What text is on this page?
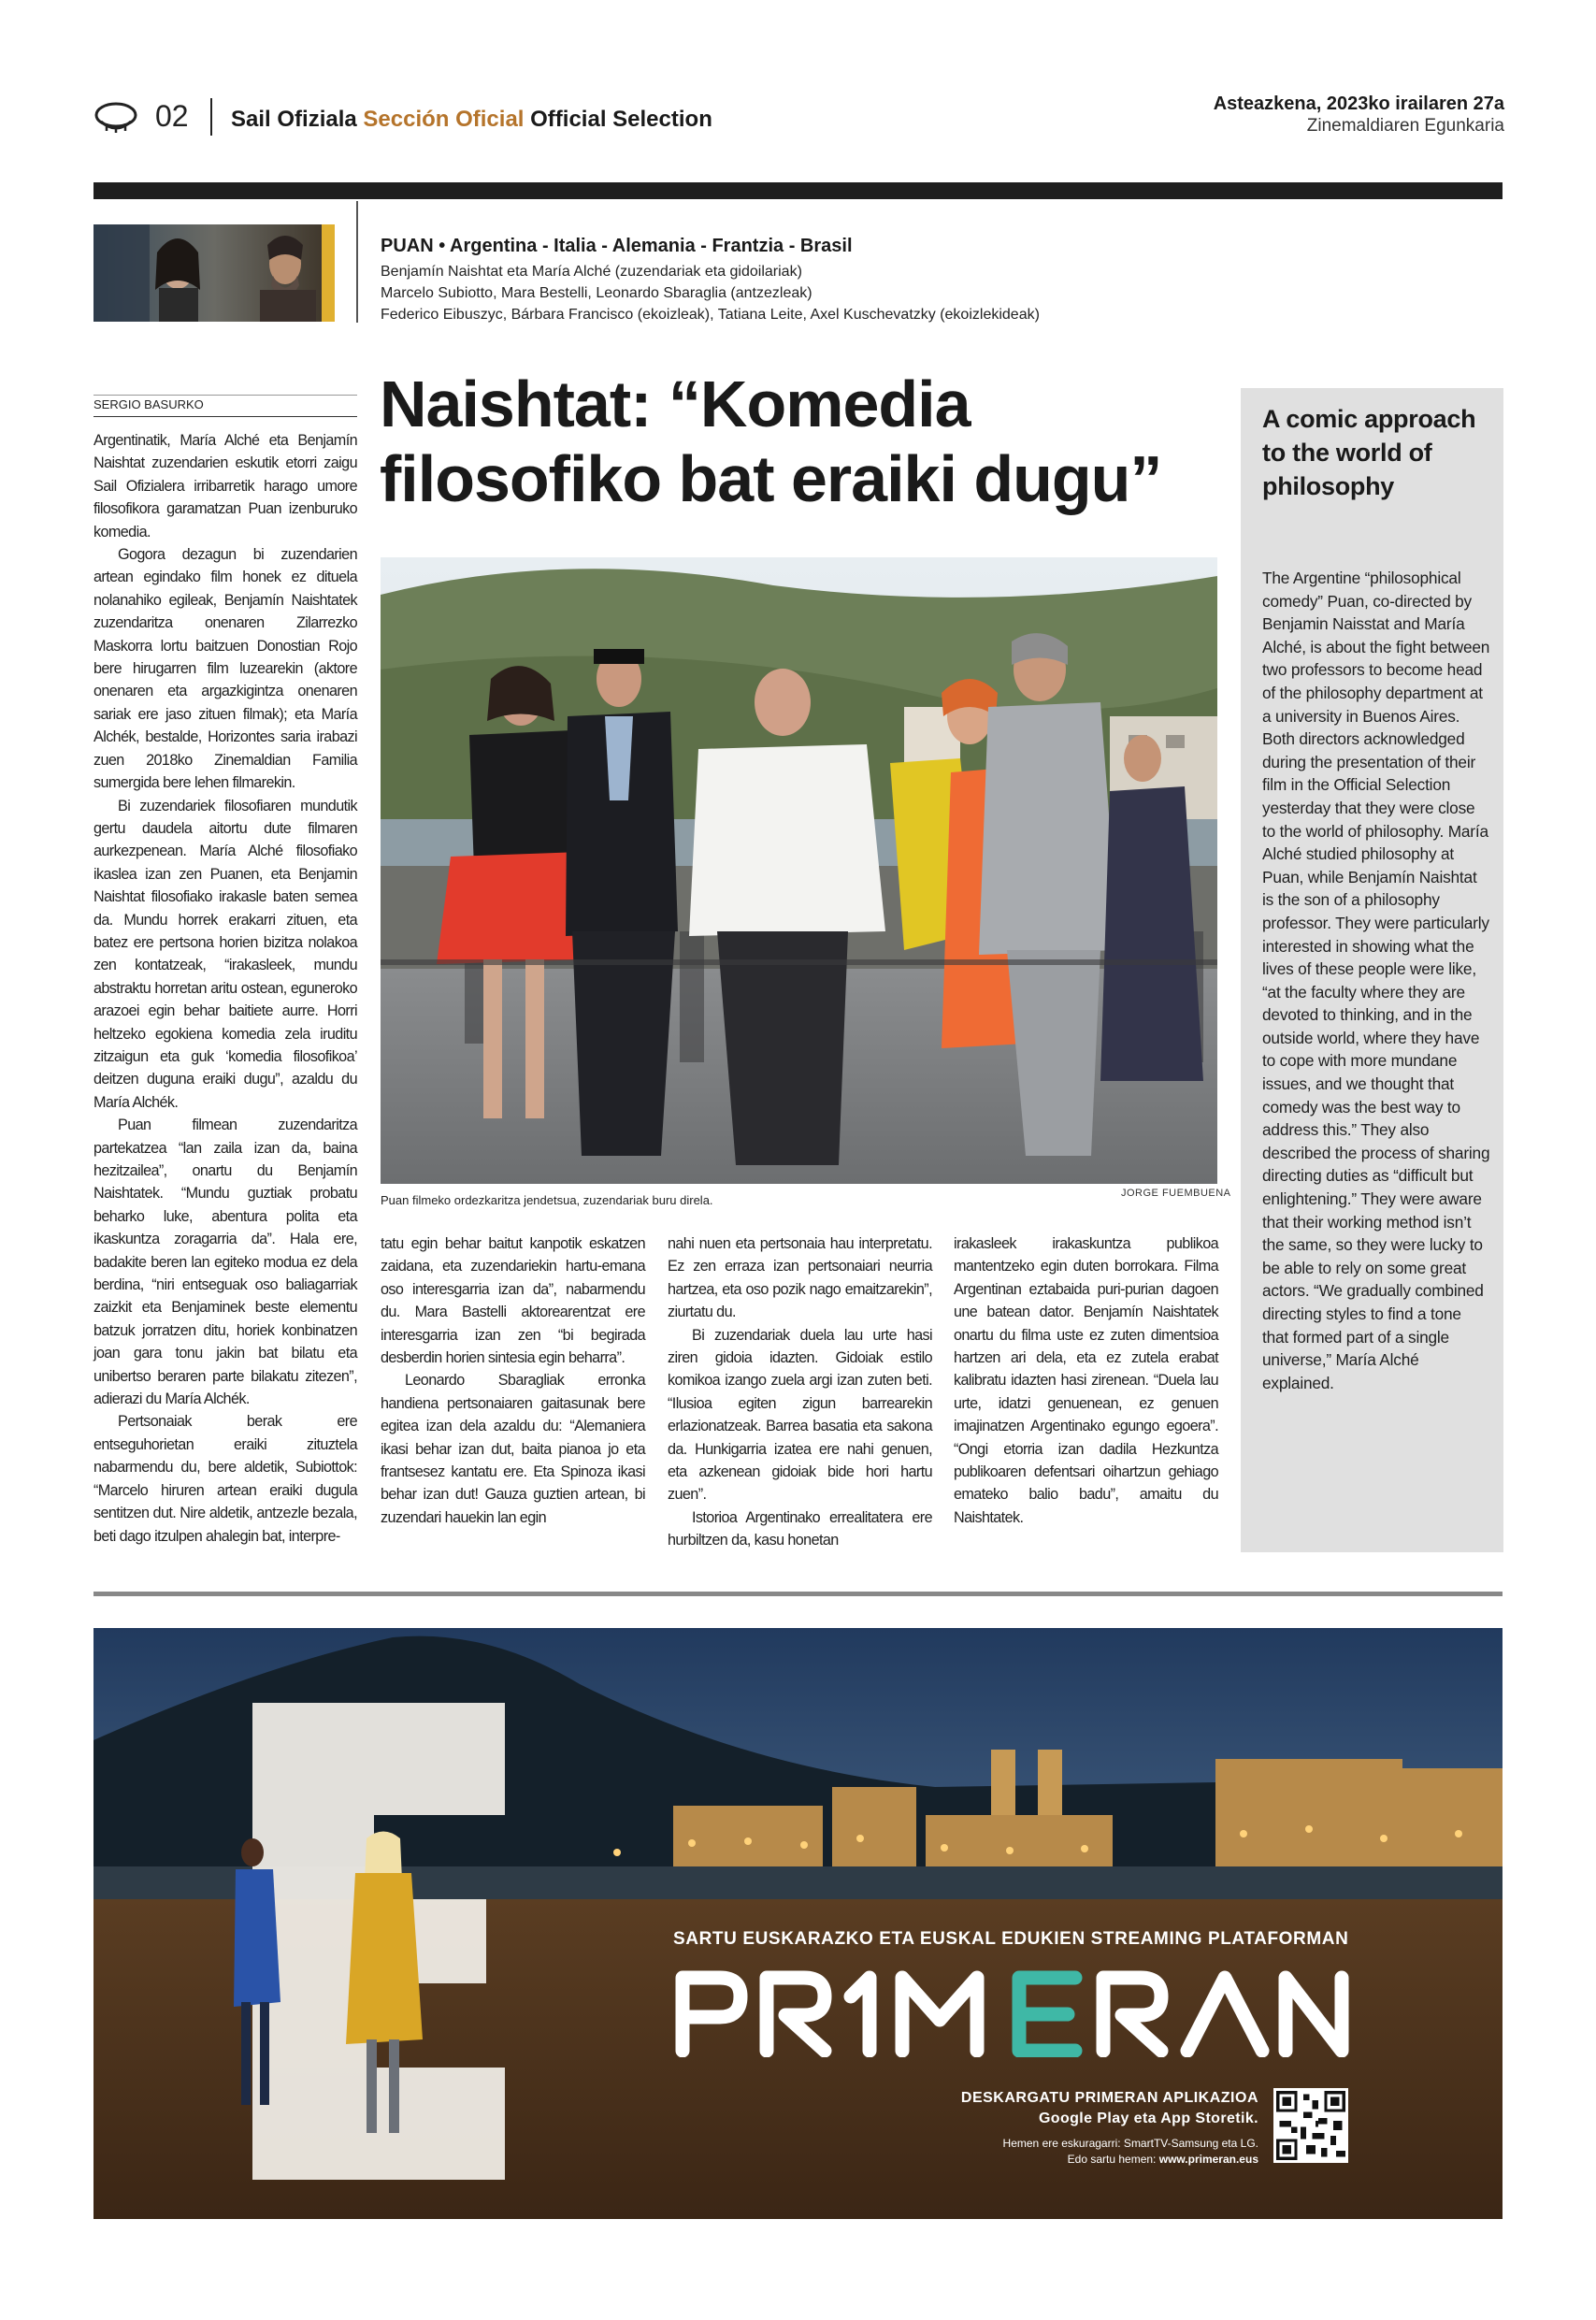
02 Sail Ofiziala Sección Oficial Official Selection
Asteazkena, 2023ko irailaren 27a
Zinemaldiaren Egunkaria
PUAN • Argentina - Italia - Alemania - Frantzia - Brasil
Benjamín Naishtat eta María Alché (zuzendariak eta gidoilariak)
Marcelo Subiotto, Mara Bestelli, Leonardo Sbaraglia (antzezleak)
Federico Eibuszyc, Bárbara Francisco (ekoizleak), Tatiana Leite, Axel Kuschevatzky (ekoizlekideak)
SERGIO BASURKO	Naishtat: “Komedia filosofiko bat eraiki dugu”

Argentinatik, María Alché eta Benjamín Naishtat zuzendarien eskutik etorri zaigu Sail Ofizialera irribarretik harago umore filosofikora garamatzan Puan izenburuko komedia.

Gogora dezagun bi zuzendarien artean egindako film honek ez dituela nolanahiko egileak, Benjamín Naishtatek zuzendaritza onenaren Zilarrezko Maskorra lortu baitzuen Donostian Rojo bere hirugarren film luzearekin (aktore onenaren eta argazkigintza onenaren sariak ere jaso zituen filmak); eta María Alchék, bestalde, Horizontes saria irabazi zuen 2018ko Zinemaldian Familia sumergida bere lehen filmarekin.

Bi zuzendariek filosofiaren mundutik gertu daudela aitortu dute filmaren aurkezpenean. María Alché filosofiako ikaslea izan zen Puanen, eta Benjamin Naishtat filosofiako irakasle baten semea da. Mundu horrek erakarri zituen, eta batez ere pertsona horien bizitza nolakoa zen kontatzeak, “irakasleek, mundu abstraktu horretan aritu ostean, eguneroko arazoei egin behar baitiete aurre. Horri heltzeko egokiena komedia zela iruditu zitzaigun eta guk ‘komedia filosofikoa’ deitzen duguna eraiki dugu”, azaldu du María Alchék.

Puan filmean zuzendaritza partekatzea “lan zaila izan da, baina hezitzailea”, onartu du Benjamín Naishtatek. “Mundu guztiak probatu beharko luke, abentura polita eta ikaskuntza zoragarria da”. Hala ere, badakite beren lan egiteko modua ez dela berdina, “niri entseguak oso baliagarriak zaizkit eta Benjaminek beste elementu batzuk jorratzen ditu, horiek konbinatzen joan gara tonu jakin bat bilatu eta unibertso beraren parte bilakatu zitezen”, adierazi du María Alchék.

Pertsonaiak berak ere entseguhorietan eraiki zituztela nabarmendu du, bere aldetik, Subiottok: “Marcelo hiruren artean eraiki dugula sentitzen dut. Nire aldetik, antzezle bezala, beti dago itzulpen ahalegin bat, interpre-

tatu egin behar baitut kanpotik eskatzen zaidana, eta zuzendariekin hartu-emana oso interesgarria izan da”, nabarmendu du. Mara Bastelli aktorearentzat ere interesgarria izan zen “bi begirada desberdin horien sintesia egin beharra”.

Leonardo Sbaragliak erronka handiena pertsonaiaren gaitasunak bere egitea izan dela azaldu du: “Alemaniera ikasi behar izan dut, baita pianoa jo eta frantsesez kantatu ere. Eta Spinoza ikasi behar izan dut! Gauza guztien artean, bi zuzendari hauekin lan egin

nahi nuen eta pertsonaia hau interpretatu. Ez zen erraza izan pertsonaiari neurria hartzea, eta oso pozik nago emaitzarekin”, ziurtatu du.

Bi zuzendariak duela lau urte hasi ziren gidoia idazten. Gidoiak estilo komikoa izango zuela argi izan zuten beti. “Ilusioa egiten zigun barrearekin erlazionatzeak. Barrea basatia eta sakona da. Hunkigarria izatea ere nahi genuen, eta azkenean gidoiak bide hori hartu zuen”.

Istorioa Argentinako errealitatera ere hurbiltzen da, kasu honetan

irakasleek irakaskuntza publikoa mantentzeko egin duten borrokara. Filma Argentinan eztabaida puri-purian dagoen une batean dator. Benjamín Naishtatek onartu du filma uste ez zuten dimentsioa hartzen ari dela, eta ez zutela erabat kalibratu idazten hasi zirenean. “Duela lau urte, idatzi genuenean, ez genuen imajinatzen Argentinako egungo egoera”. “Ongi etorria izan dadila Hezkuntza publikoaren defentsari oihartzun gehiago emateko balio badu”, amaitu du Naishtatek.

Puan filmeko ordezkaritza jendetsua, zuzendariak buru direla.	JORGE FUEMBUENA
A comic approach to the world of philosophy
The Argentine “philosophical comedy” Puan, co-directed by Benjamin Naisstat and María Alché, is about the fight between two professors to become head of the philosophy department at a university in Buenos Aires. Both directors acknowledged during the presentation of their film in the Official Selection yesterday that they were close to the world of philosophy. María Alché studied philosophy at Puan, while Benjamín Naishtat is the son of a philosophy professor. They were particularly interested in showing what the lives of these people were like, “at the faculty where they are devoted to thinking, and in the outside world, where they have to cope with more mundane issues, and we thought that comedy was the best way to address this.” They also described the process of sharing directing duties as “difficult but enlightening.” They were aware that their working method isn’t the same, so they were lucky to be able to rely on some great actors. “We gradually combined directing styles to find a tone that formed part of a single universe,” María Alché explained.
SARTU EUSKARAZKO ETA EUSKAL EDUKIEN STREAMING PLATAFORMAN
DESKARGATU PRIMERAN APLIKAZIOA
Google Play eta App Storetik.
Hemen ere eskuragarri: SmartTV-Samsung eta LG.
Edo sartu hemen: www.primeran.eus
